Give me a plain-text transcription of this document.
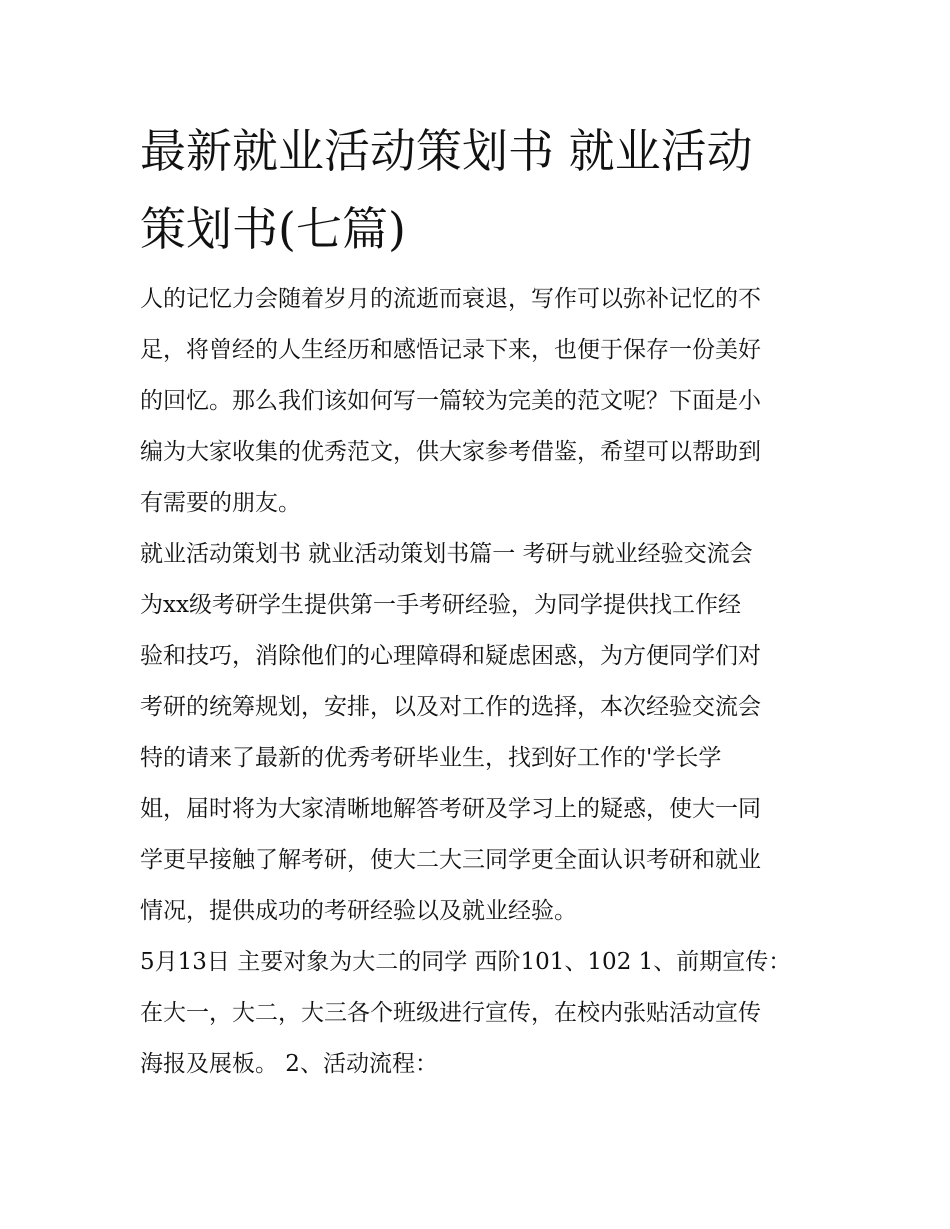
最新就业活动策划书 就业活动
策划书(七篇)
人的记忆力会随着岁月的流逝而衰退，写作可以弥补记忆的不
足，将曾经的人生经历和感悟记录下来，也便于保存一份美好
的回忆。那么我们该如何写一篇较为完美的范文呢？下面是小
编为大家收集的优秀范文，供大家参考借鉴，希望可以帮助到
有需要的朋友。
就业活动策划书 就业活动策划书篇一 考研与就业经验交流会
为xx级考研学生提供第一手考研经验，为同学提供找工作经
验和技巧，消除他们的心理障碍和疑虑困惑，为方便同学们对
考研的统筹规划，安排，以及对工作的选择，本次经验交流会
特的请来了最新的优秀考研毕业生，找到好工作的'学长学
姐，届时将为大家清晰地解答考研及学习上的疑惑，使大一同
学更早接触了解考研，使大二大三同学更全面认识考研和就业
情况，提供成功的考研经验以及就业经验。
5月13日 主要对象为大二的同学 西阶101、102 1、前期宣传：
在大一，大二，大三各个班级进行宣传，在校内张贴活动宣传
海报及展板。 2、活动流程：
